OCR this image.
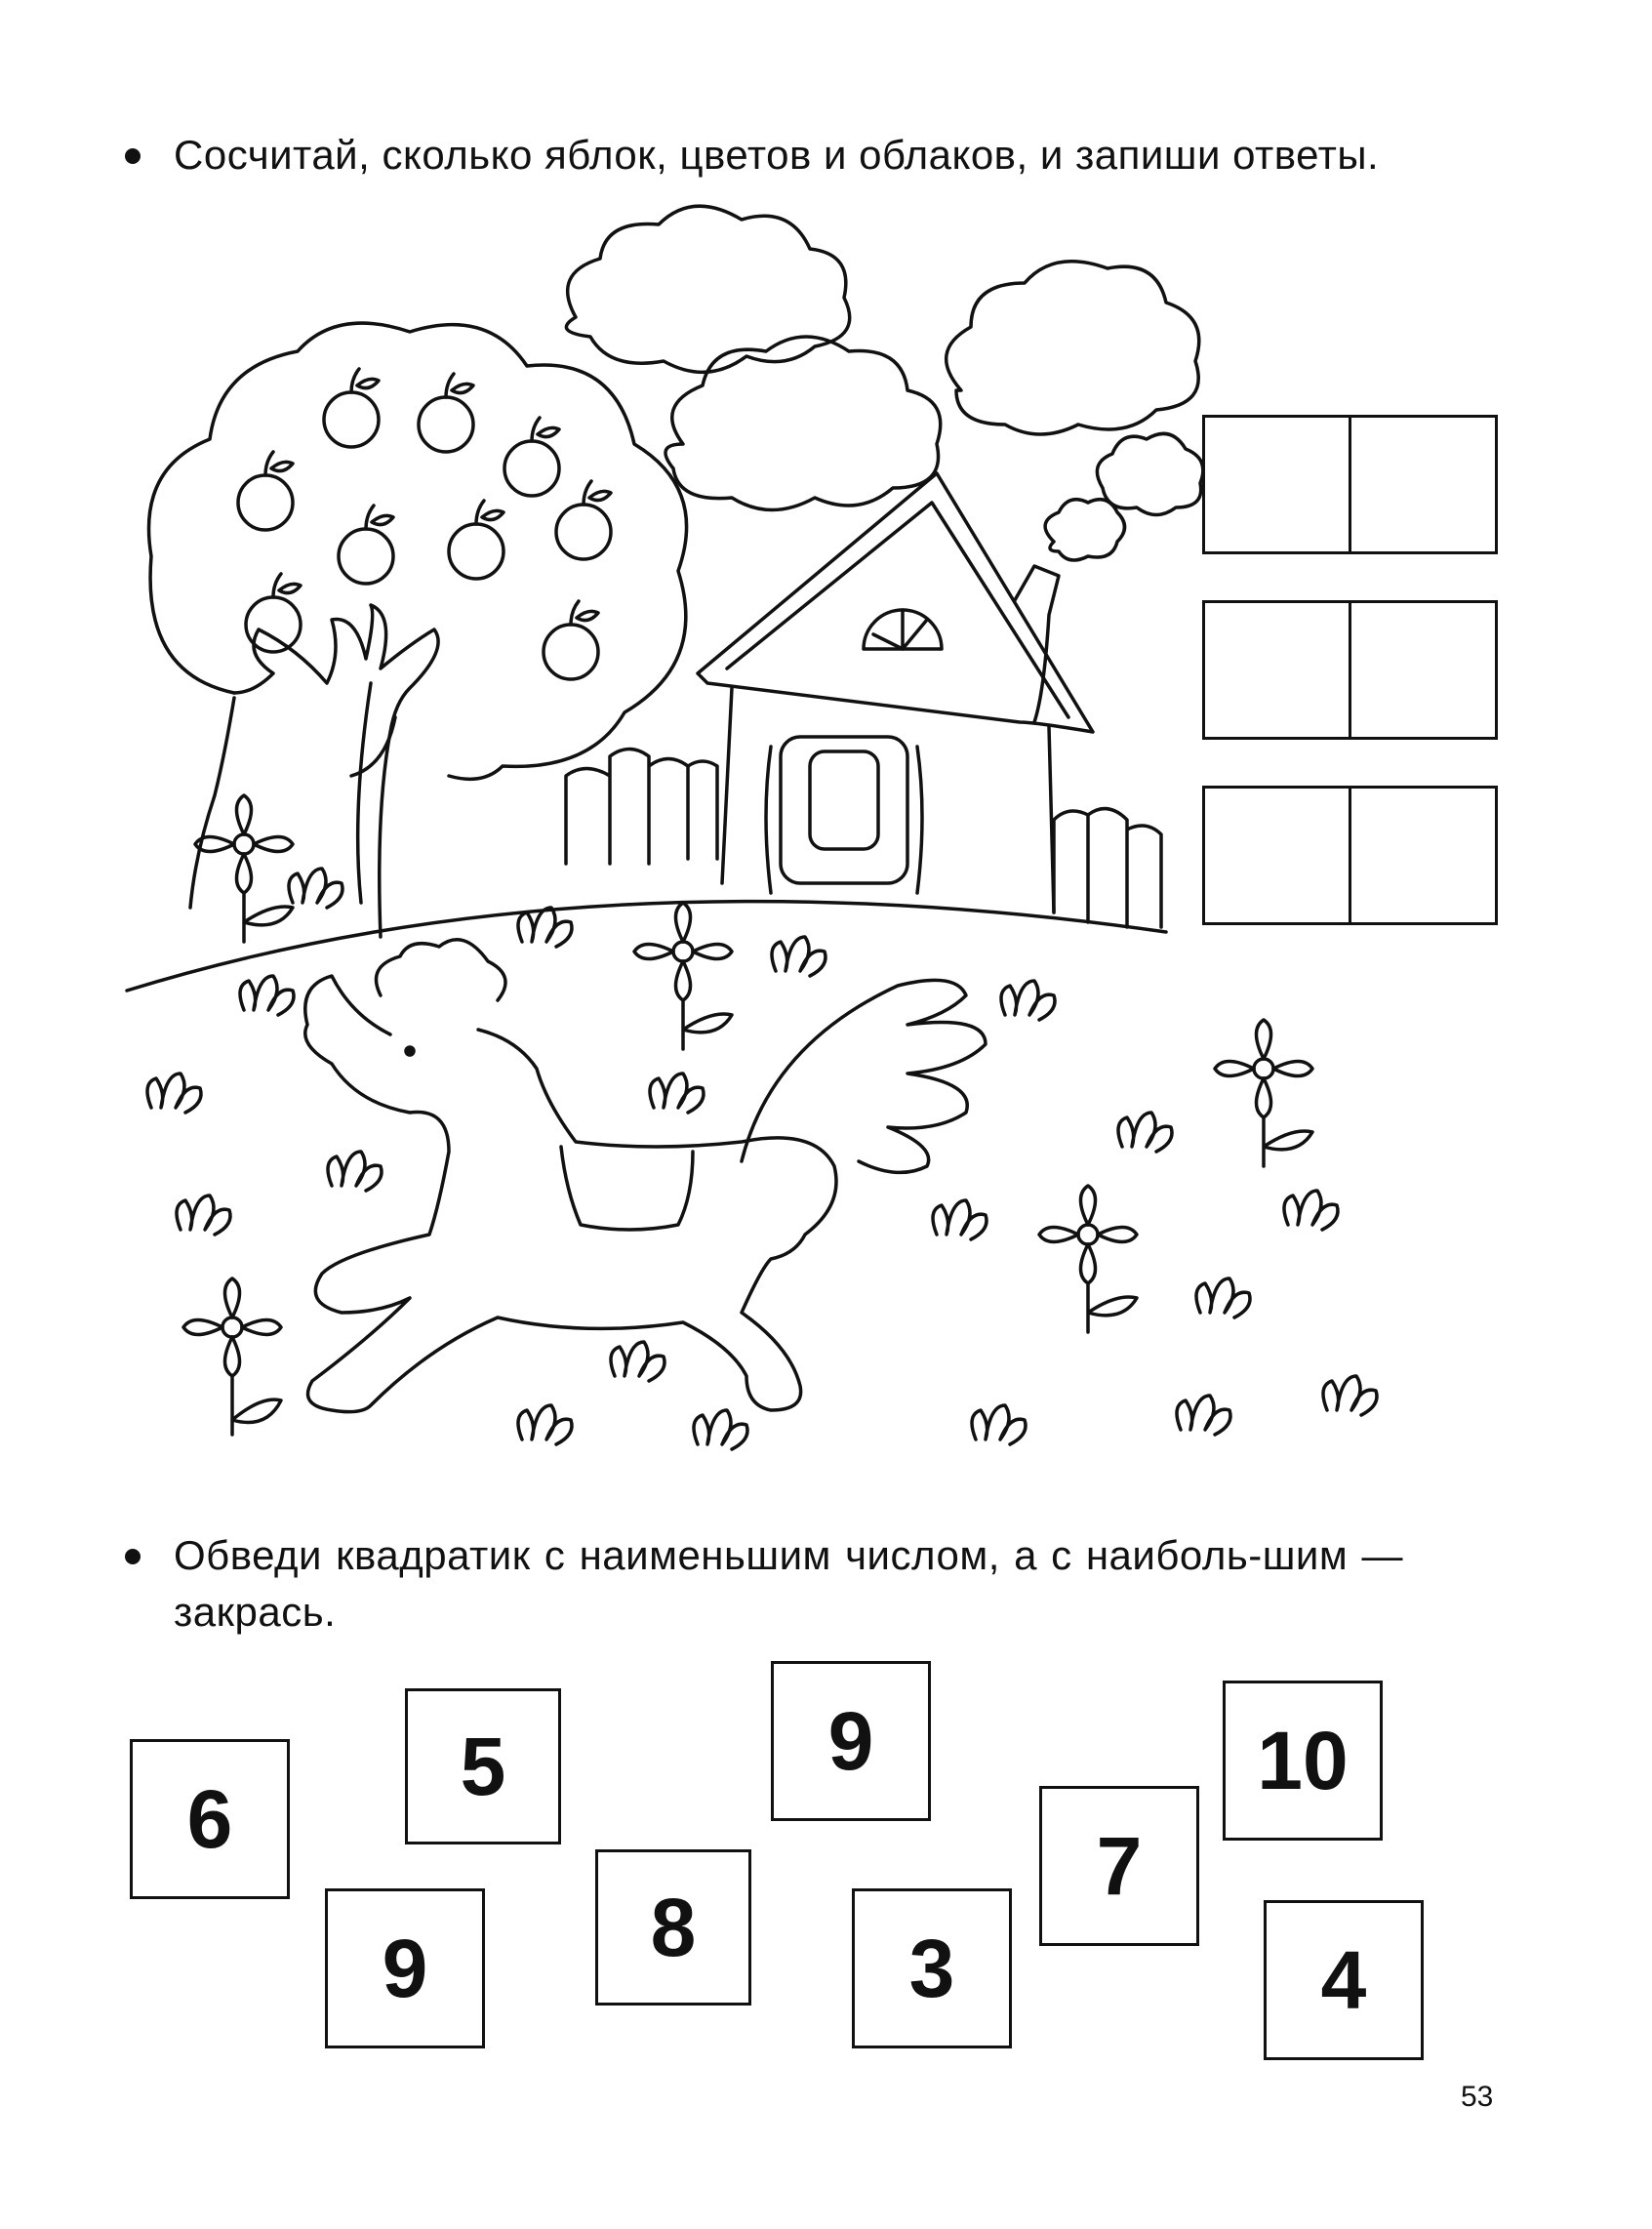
Сосчитай, сколько яблок, цветов и облаков, и запиши ответы.
Обведи квадратик с наименьшим числом, а с наиболь-шим — закрась.
6
5	9
8
9	3
7
10
4
53
